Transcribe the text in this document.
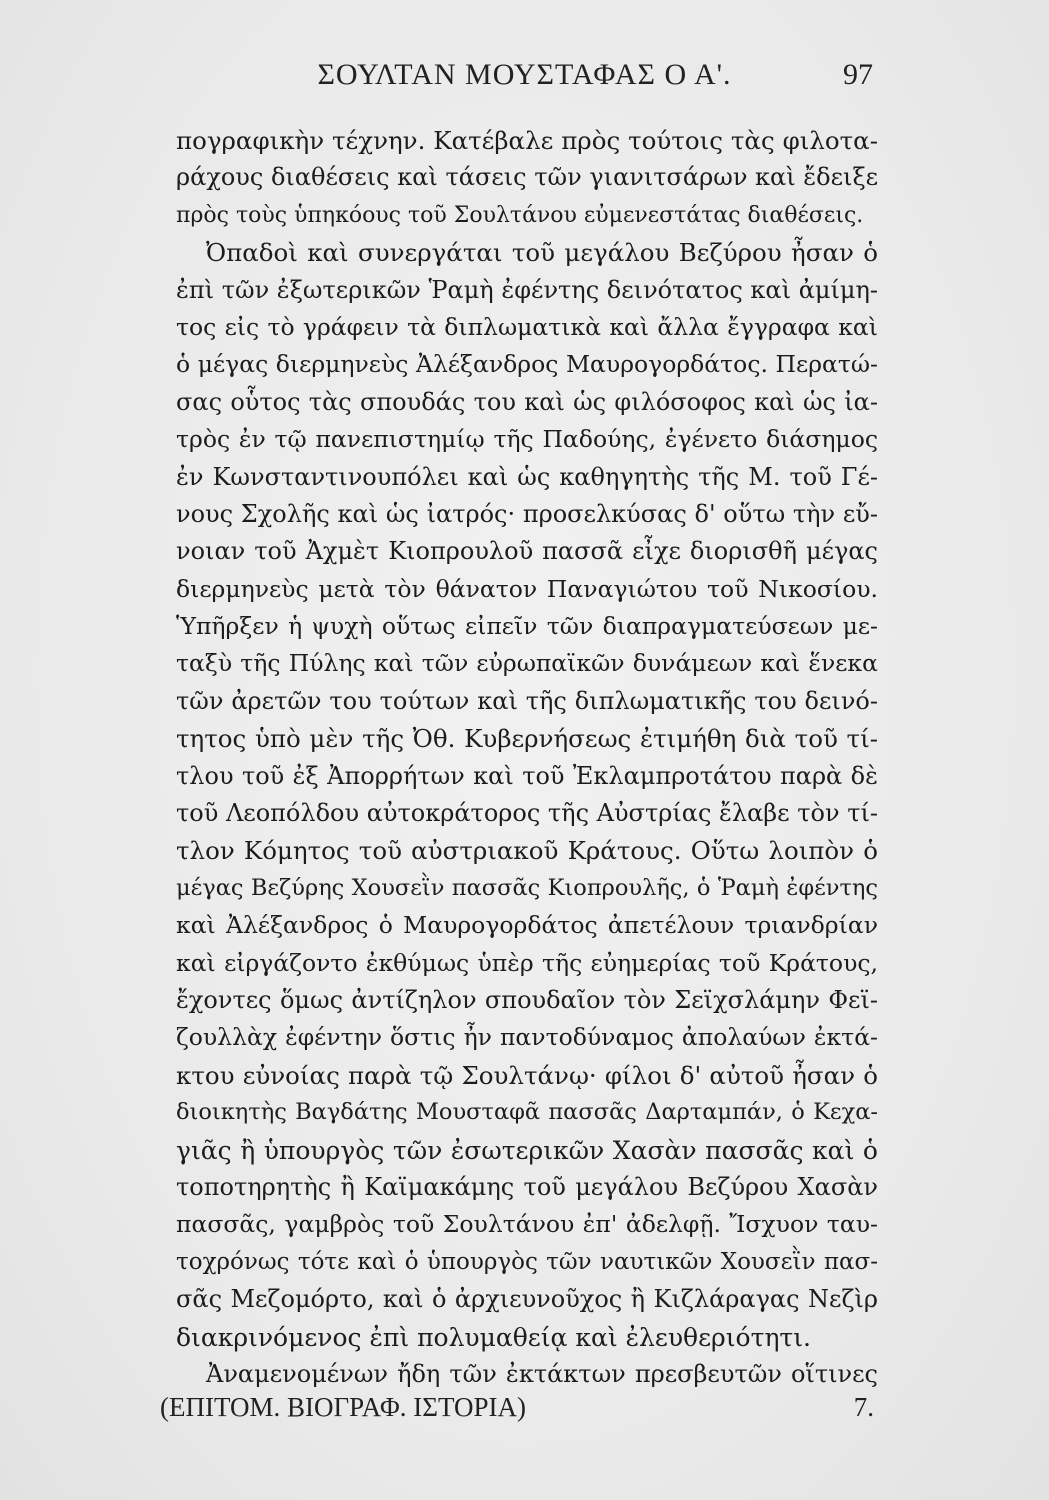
ΣΟΥΛΤΑΝ ΜΟΥΣΤΑΦΑΣ Ο Α'.	97
πογραφικὴν τέχνην. Κατέβαλε πρὸς τούτοις τὰς φιλοτα-
ράχους διαθέσεις καὶ τάσεις τῶν γιανιτσάρων καὶ ἔδειξε
πρὸς τοὺς ὑπηκόους τοῦ Σουλτάνου εὐμενεστάτας διαθέσεις.
Ὀπαδοὶ καὶ συνεργάται τοῦ μεγάλου Βεζύρου ἦσαν ὁ
ἐπὶ τῶν ἐξωτερικῶν Ῥαμὴ ἐφέντης δεινότατος καὶ ἀμίμη-
τος εἰς τὸ γράφειν τὰ διπλωματικὰ καὶ ἄλλα ἔγγραφα καὶ
ὁ μέγας διερμηνεὺς Ἀλέξανδρος Μαυρογορδάτος. Περατώ-
σας οὗτος τὰς σπουδάς του καὶ ὡς φιλόσοφος καὶ ὡς ἰα-
τρὸς ἐν τῷ πανεπιστημίῳ τῆς Παδούης, ἐγένετο διάσημος
ἐν Κωνσταντινουπόλει καὶ ὡς καθηγητὴς τῆς Μ. τοῦ Γέ-
νους Σχολῆς καὶ ὡς ἰατρός· προσελκύσας δ' οὕτω τὴν εὔ-
νοιαν τοῦ Ἀχμὲτ Κιοπρουλοῦ πασσᾶ εἶχε διορισθῆ μέγας
διερμηνεὺς μετὰ τὸν θάνατον Παναγιώτου τοῦ Νικοσίου.
Ὑπῆρξεν ἡ ψυχὴ οὕτως εἰπεῖν τῶν διαπραγματεύσεων με-
ταξὺ τῆς Πύλης καὶ τῶν εὐρωπαϊκῶν δυνάμεων καὶ ἕνεκα
τῶν ἀρετῶν του τούτων καὶ τῆς διπλωματικῆς του δεινό-
τητος ὑπὸ μὲν τῆς Ὀθ. Κυβερνήσεως ἐτιμήθη διὰ τοῦ τί-
τλου τοῦ ἐξ Ἀπορρήτων καὶ τοῦ Ἐκλαμπροτάτου παρὰ δὲ
τοῦ Λεοπόλδου αὐτοκράτορος τῆς Αὐστρίας ἔλαβε τὸν τί-
τλον Κόμητος τοῦ αὐστριακοῦ Κράτους. Οὕτω λοιπὸν ὁ
μέγας Βεζύρης Χουσεῒν πασσᾶς Κιοπρουλῆς, ὁ Ῥαμὴ ἐφέντης
καὶ Ἀλέξανδρος ὁ Μαυρογορδάτος ἀπετέλουν τριανδρίαν
καὶ εἰργάζοντο ἐκθύμως ὑπὲρ τῆς εὐημερίας τοῦ Κράτους,
ἔχοντες ὅμως ἀντίζηλον σπουδαῖον τὸν Σεϊχσλάμην Φεϊ-
ζουλλὰχ ἐφέντην ὅστις ἦν παντοδύναμος ἀπολαύων ἐκτά-
κτου εὐνοίας παρὰ τῷ Σουλτάνῳ· φίλοι δ' αὐτοῦ ἦσαν ὁ
διοικητὴς Βαγδάτης Μουσταφᾶ πασσᾶς Δαρταμπάν, ὁ Κεχα-
γιᾶς ἢ ὑπουργὸς τῶν ἐσωτερικῶν Χασὰν πασσᾶς καὶ ὁ
τοποτηρητὴς ἢ Καϊμακάμης τοῦ μεγάλου Βεζύρου Χασὰν
πασσᾶς, γαμβρὸς τοῦ Σουλτάνου ἐπ' ἀδελφῇ. Ἴσχυον ταυ-
τοχρόνως τότε καὶ ὁ ὑπουργὸς τῶν ναυτικῶν Χουσεῒν πασ-
σᾶς Μεζομόρτο, καὶ ὁ ἀρχιευνοῦχος ἢ Κιζλάραγας Νεζὶρ
διακρινόμενος ἐπὶ πολυμαθείᾳ καὶ ἐλευθεριότητι.
Ἀναμενομένων ἤδη τῶν ἐκτάκτων πρεσβευτῶν οἵτινες
(ΕΠΙΤΟΜ. ΒΙΟΓΡΑΦ. ΙΣΤΟΡΙΑ)	7.
